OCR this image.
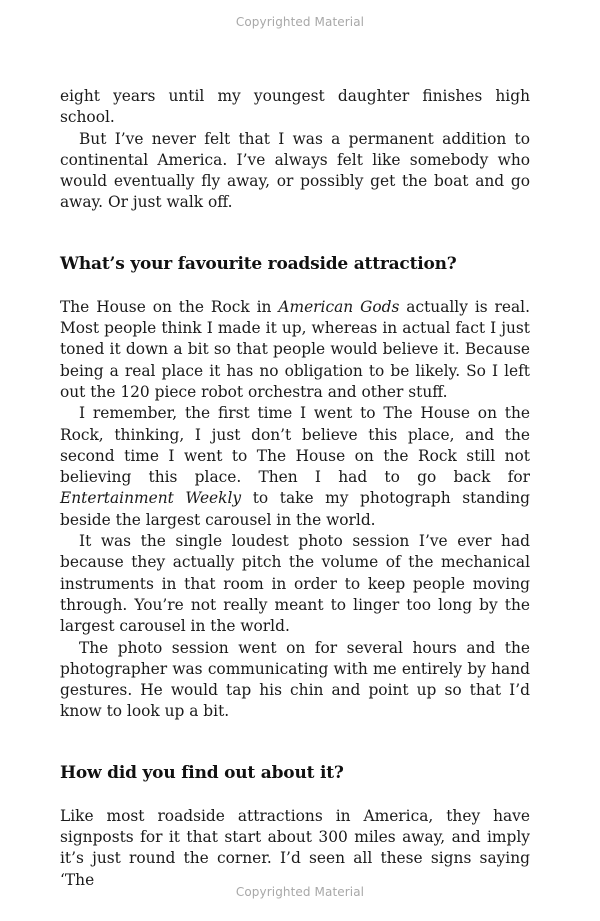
Copyrighted Material

eight years until my youngest daughter finishes high school.

But I’ve never felt that I was a permanent addition to continental America. I’ve always felt like somebody who would eventually fly away, or possibly get the boat and go away. Or just walk off.

What’s your favourite roadside attraction?

The House on the Rock in American Gods actually is real. Most people think I made it up, whereas in actual fact I just toned it down a bit so that people would believe it. Because being a real place it has no obligation to be likely. So I left out the 120 piece robot orchestra and other stuff.

I remember, the first time I went to The House on the Rock, thinking, I just don’t believe this place, and the second time I went to The House on the Rock still not believing this place. Then I had to go back for Entertainment Weekly to take my photograph standing beside the largest carousel in the world.

It was the single loudest photo session I’ve ever had because they actually pitch the volume of the mechanical instruments in that room in order to keep people moving through. You’re not really meant to linger too long by the largest carousel in the world.

The photo session went on for several hours and the photographer was communicating with me entirely by hand gestures. He would tap his chin and point up so that I’d know to look up a bit.

How did you find out about it?

Like most roadside attractions in America, they have signposts for it that start about 300 miles away, and imply it’s just round the corner. I’d seen all these signs saying ‘The

Copyrighted Material
